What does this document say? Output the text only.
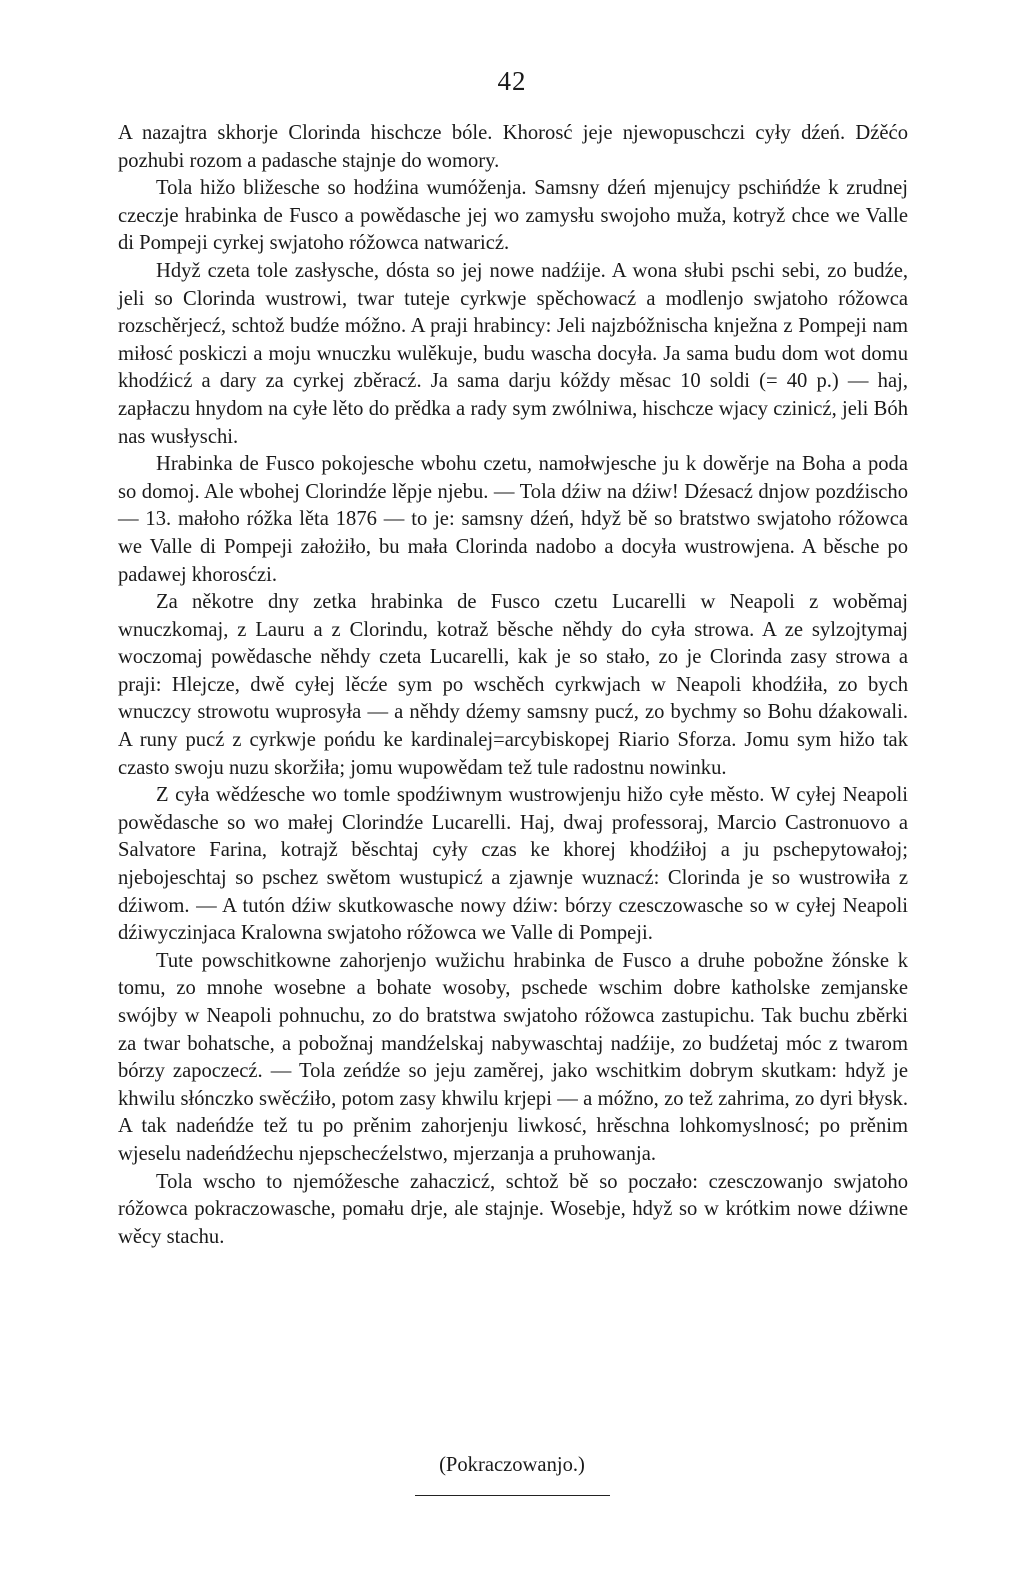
42

A nazajtra skhorje Clorinda hischcze bóle. Khorosć jeje njewopuschczi cyły dźeń. Dźěćo pozhubi rozom a padasche stajnje do womory.

Tola hižo bližesche so hodźina wumóženja. Samsny dźeń mjenujcy pschińdźe k zrudnej czeczje hrabinka de Fusco a powědasche jej wo zamysłu swojoho muža, kotryž chce we Valle di Pompeji cyrkej swjatoho róžowca natwaricź.

Hdyž czeta tole zasłysche, dósta so jej nowe nadźije. A wona słubi pschi sebi, zo budźe, jeli so Clorinda wustrowi, twar tuteje cyrkwje spěchowacź a modlenjo swjatoho róžowca rozschěrjecź, schtož budźe móžno. A praji hrabincy: Jeli najzbóžnischa knježna z Pompeji nam miłosć poskiczi a moju wnuczku wulěkuje, budu wascha docyła. Ja sama budu dom wot domu khodźicź a dary za cyrkej zběracź. Ja sama darju kóždy měsac 10 soldi (= 40 p.) — haj, zapłaczu hnydom na cyłe lěto do prědka a rady sym zwólniwa, hischcze wjacy czinicź, jeli Bóh nas wusłyschi.

Hrabinka de Fusco pokojesche wbohu czetu, namołwjesche ju k dowěrje na Boha a poda so domoj. Ale wbohej Clorindźe lěpje njebu. — Tola dźiw na dźiw! Dźesacź dnjow pozdźischo — 13. małoho róžka lěta 1876 — to je: samsny dźeń, hdyž bě so bratstwo swjatoho róžowca we Valle di Pompeji założiło, bu mała Clorinda nadobo a docyła wustrowjena. A běsche po padawej khorosćzi.

Za někotre dny zetka hrabinka de Fusco czetu Lucarelli w Neapoli z woběmaj wnuczkomaj, z Lauru a z Clorindu, kotraž běsche něhdy do cyła strowa. A ze sylzojtymaj woczomaj powědasche něhdy czeta Lucarelli, kak je so stało, zo je Clorinda zasy strowa a praji: Hlejcze, dwě cyłej lěcźe sym po wschěch cyrkwjach w Neapoli khodźiła, zo bych wnuczcy strowotu wuprosyła — a něhdy dźemy samsny pucź, zo bychmy so Bohu dźakowali. A runy pucź z cyrkwje pońdu ke kardinalej=arcybiskopej Riario Sforza. Jomu sym hižo tak czasto swoju nuzu skoržiła; jomu wupowědam tež tule radostnu nowinku.

Z cyła wědźesche wo tomle spodźiwnym wustrowjenju hižo cyłe město. W cyłej Neapoli powědasche so wo małej Clorindźe Lucarelli. Haj, dwaj professoraj, Marcio Castronuovo a Salvatore Farina, kotrajž běschtaj cyły czas ke khorej khodźiłoj a ju pschepytowałoj; njebojeschtaj so pschez swětom wustupicź a zjawnje wuznacź: Clorinda je so wustrowiła z dźiwom. — A tutón dźiw skutkowasche nowy dźiw: bórzy czesczowasche so w cyłej Neapoli dźiwyczinjaca Kralowna swjatoho róžowca we Valle di Pompeji.

Tute powschitkowne zahorjenjo wužichu hrabinka de Fusco a druhe pobožne žónske k tomu, zo mnohe wosebne a bohate wosoby, pschede wschim dobre katholske zemjanske swójby w Neapoli pohnuchu, zo do bratstwa swjatoho róžowca zastupichu. Tak buchu zběrki za twar bohatsche, a pobožnaj mandźelskaj nabywaschtaj nadźije, zo budźetaj móc z twarom bórzy zapoczecź. — Tola zeńdźe so jeju zaměrej, jako wschitkim dobrym skutkam: hdyž je khwilu słónczko swěcźiło, potom zasy khwilu krjepi — a móžno, zo tež zahrima, zo dyri błysk. A tak nadeńdźe tež tu po prěnim zahorjenju liwkosć, hrěschna lohkomyslnosć; po prěnim wjeselu nadeńdźechu njepschecźelstwo, mjerzanja a pruhowanja.

Tola wscho to njemóžesche zahaczicź, schtož bě so poczało: czesczowanjo swjatoho róžowca pokraczowasche, pomału drje, ale stajnje. Wosebje, hdyž so w krótkim nowe dźiwne wěcy stachu.

(Pokraczowanjo.)
